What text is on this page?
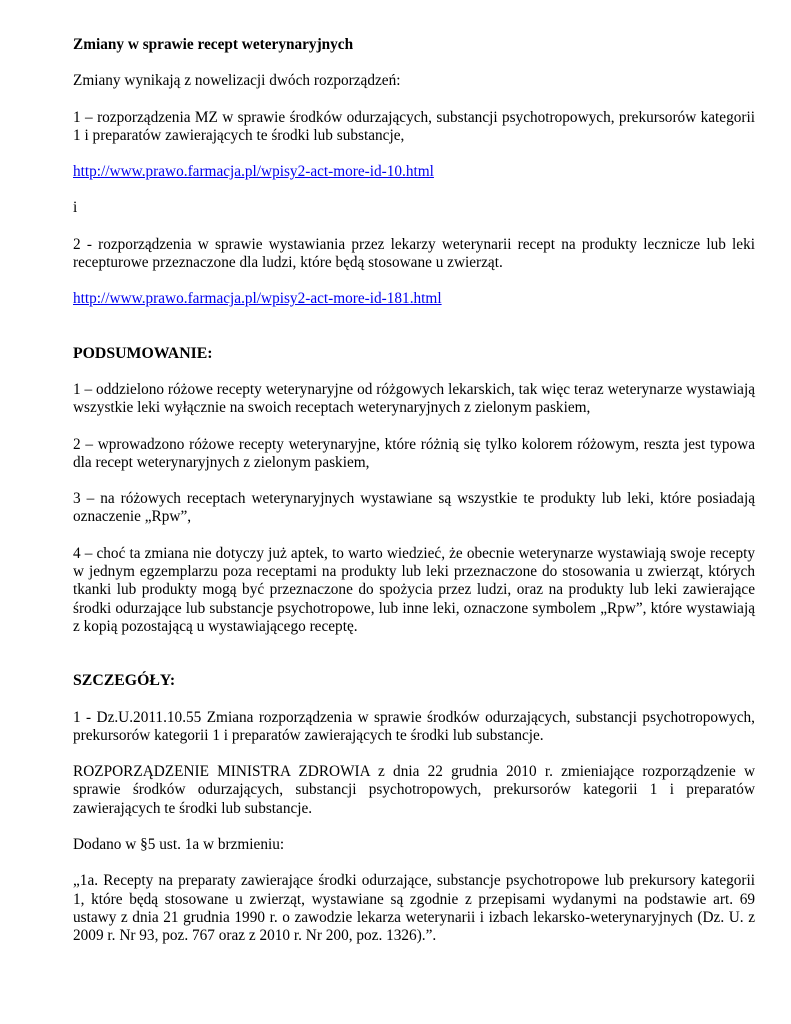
Zmiany w sprawie recept weterynaryjnych

Zmiany wynikają z nowelizacji dwóch rozporządzeń:

1 – rozporządzenia MZ w sprawie środków odurzających, substancji psychotropowych, prekursorów kategorii 1 i preparatów zawierających te środki lub substancje,

http://www.prawo.farmacja.pl/wpisy2-act-more-id-10.html

i

2 - rozporządzenia w sprawie wystawiania przez lekarzy weterynarii recept na produkty lecznicze lub leki recepturowe przeznaczone dla ludzi, które będą stosowane u zwierząt.

http://www.prawo.farmacja.pl/wpisy2-act-more-id-181.html

PODSUMOWANIE:

1 – oddzielono różowe recepty weterynaryjne od różgowych lekarskich, tak więc teraz weterynarze wystawiają wszystkie leki wyłącznie na swoich receptach weterynaryjnych z zielonym paskiem,

2 – wprowadzono różowe recepty weterynaryjne, które różnią się tylko kolorem różowym, reszta jest typowa dla recept weterynaryjnych z zielonym paskiem,

3 – na różowych receptach weterynaryjnych wystawiane są wszystkie te produkty lub leki, które posiadają oznaczenie „Rpw”,

4 – choć ta zmiana nie dotyczy już aptek, to warto wiedzieć, że obecnie weterynarze wystawiają swoje recepty w jednym egzemplarzu poza receptami na produkty lub leki przeznaczone do stosowania u zwierząt, których tkanki lub produkty mogą być przeznaczone do spożycia przez ludzi, oraz na produkty lub leki zawierające środki odurzające lub substancje psychotropowe, lub inne leki, oznaczone symbolem „Rpw”, które wystawiają z kopią pozostającą u wystawiającego receptę.

SZCZEGÓŁY:

1 - Dz.U.2011.10.55 Zmiana rozporządzenia w sprawie środków odurzających, substancji psychotropowych, prekursorów kategorii 1 i preparatów zawierających te środki lub substancje.

ROZPORZĄDZENIE MINISTRA ZDROWIA z dnia 22 grudnia 2010 r. zmieniające rozporządzenie w sprawie środków odurzających, substancji psychotropowych, prekursorów kategorii 1 i preparatów zawierających te środki lub substancje.

Dodano w §5 ust. 1a w brzmieniu:

„1a. Recepty na preparaty zawierające środki odurzające, substancje psychotropowe lub prekursory kategorii 1, które będą stosowane u zwierząt, wystawiane są zgodnie z przepisami wydanymi na podstawie art. 69 ustawy z dnia 21 grudnia 1990 r. o zawodzie lekarza weterynarii i izbach lekarsko-weterynaryjnych (Dz. U. z 2009 r. Nr 93, poz. 767 oraz z 2010 r. Nr 200, poz. 1326).”.
